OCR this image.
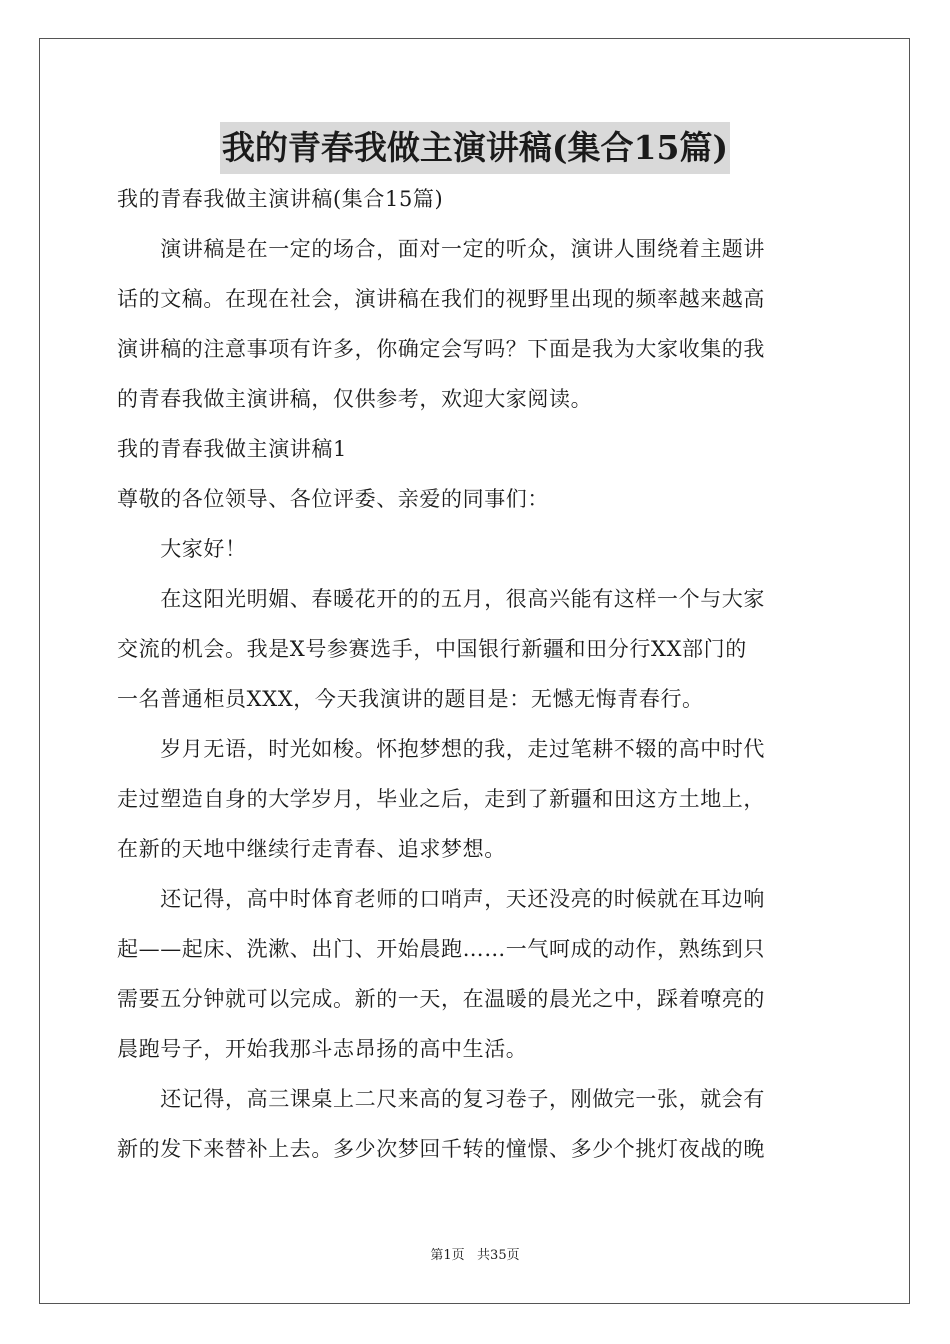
我的青春我做主演讲稿(集合15篇)
我的青春我做主演讲稿(集合15篇)
　　演讲稿是在一定的场合，面对一定的听众，演讲人围绕着主题讲
话的文稿。在现在社会，演讲稿在我们的视野里出现的频率越来越高
演讲稿的注意事项有许多，你确定会写吗？下面是我为大家收集的我
的青春我做主演讲稿，仅供参考，欢迎大家阅读。
我的青春我做主演讲稿1
尊敬的各位领导、各位评委、亲爱的同事们：
　　大家好！
　　在这阳光明媚、春暖花开的的五月，很高兴能有这样一个与大家
交流的机会。我是X号参赛选手，中国银行新疆和田分行XX部门的
一名普通柜员XXX，今天我演讲的题目是：无憾无悔青春行。
　　岁月无语，时光如梭。怀抱梦想的我，走过笔耕不辍的高中时代
走过塑造自身的大学岁月，毕业之后，走到了新疆和田这方土地上，
在新的天地中继续行走青春、追求梦想。
　　还记得，高中时体育老师的口哨声，天还没亮的时候就在耳边响
起——起床、洗漱、出门、开始晨跑……一气呵成的动作，熟练到只
需要五分钟就可以完成。新的一天，在温暖的晨光之中，踩着嘹亮的
晨跑号子，开始我那斗志昂扬的高中生活。
　　还记得，高三课桌上二尺来高的复习卷子，刚做完一张，就会有
新的发下来替补上去。多少次梦回千转的憧憬、多少个挑灯夜战的晚
第1页   共35页
